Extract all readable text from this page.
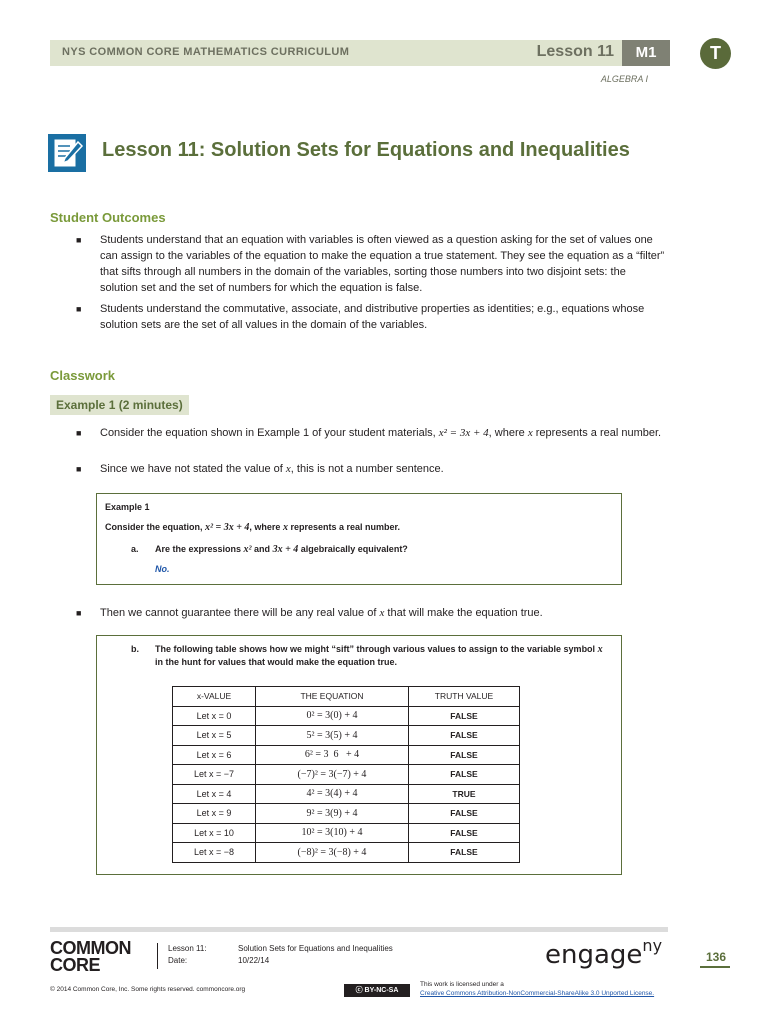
NYS COMMON CORE MATHEMATICS CURRICULUM	Lesson 11	M1	T
ALGEBRA I
Lesson 11: Solution Sets for Equations and Inequalities
Student Outcomes
■ Students understand that an equation with variables is often viewed as a question asking for the set of values one can assign to the variables of the equation to make the equation a true statement. They see the equation as a “filter” that sifts through all numbers in the domain of the variables, sorting those numbers into two disjoint sets: the solution set and the set of numbers for which the equation is false.
■ Students understand the commutative, associate, and distributive properties as identities; e.g., equations whose solution sets are the set of all values in the domain of the variables.
Classwork
Example 1 (2 minutes)
■ Consider the equation shown in Example 1 of your student materials, x² = 3x + 4, where x represents a real number.
■ Since we have not stated the value of x, this is not a number sentence.
Example 1
Consider the equation, x² = 3x + 4, where x represents a real number.
a. Are the expressions x² and 3x + 4 algebraically equivalent?
No.
■ Then we cannot guarantee there will be any real value of x that will make the equation true.
b. The following table shows how we might “sift” through various values to assign to the variable symbol x in the hunt for values that would make the equation true.
x-VALUE	THE EQUATION	TRUTH VALUE
Let x = 0	0² = 3(0) + 4	FALSE
Let x = 5	5² = 3(5) + 4	FALSE
Let x = 6	6² = 3  6   + 4	FALSE
Let x = −7	(−7)² = 3(−7) + 4	FALSE
Let x = 4	4² = 3(4) + 4	TRUE
Let x = 9	9² = 3(9) + 4	FALSE
Let x = 10	10² = 3(10) + 4	FALSE
Let x = −8	(−8)² = 3(−8) + 4	FALSE
COMMON
CORE
Lesson 11:	Solution Sets for Equations and Inequalities
Date:	10/22/14
© 2014 Common Core, Inc. Some rights reserved. commoncore.org
engage$^{ny}$
136
ⓒ BY-NC-SA
This work is licensed under a
Creative Commons Attribution-NonCommercial-ShareAlike 3.0 Unported License.
